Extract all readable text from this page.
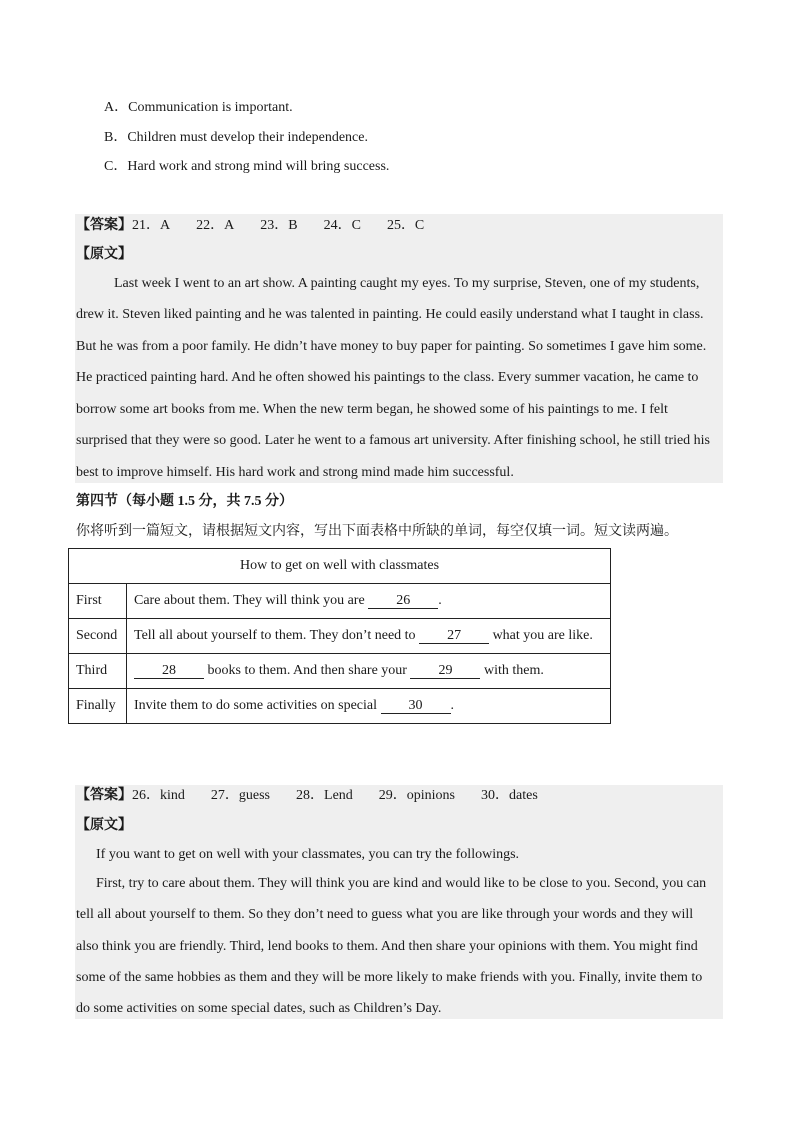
A．Communication is important.
B．Children must develop their independence.
C．Hard work and strong mind will bring success.
【答案】21．A 22．A 23．B 24．C 25．C
【原文】
Last week I went to an art show. A painting caught my eyes. To my surprise, Steven, one of my students,
drew it. Steven liked painting and he was talented in painting. He could easily understand what I taught in class.
But he was from a poor family. He didn’t have money to buy paper for painting. So sometimes I gave him some.
He practiced painting hard. And he often showed his paintings to the class. Every summer vacation, he came to
borrow some art books from me. When the new term began, he showed some of his paintings to me. I felt
surprised that they were so good. Later he went to a famous art university. After finishing school, he still tried his
best to improve himself. His hard work and strong mind made him successful.
第四节（每小题 1.5 分，共 7.5 分）
你将听到一篇短文，请根据短文内容，写出下面表格中所缺的单词，每空仅填一词。短文读两遍。
How to get on well with classmates	
First	Care about them. They will think you are 26 .
Second	Tell all about yourself to them. They don’t need to 27 what you are like.
Third	28 books to them. And then share your 29 with them.
Finally	Invite them to do some activities on special 30 .
【答案】26．kind 27．guess 28．Lend 29．opinions 30．dates
【原文】
If you want to get on well with your classmates, you can try the followings.
First, try to care about them. They will think you are kind and would like to be close to you. Second, you can
tell all about yourself to them. So they don’t need to guess what you are like through your words and they will
also think you are friendly. Third, lend books to them. And then share your opinions with them. You might find
some of the same hobbies as them and they will be more likely to make friends with you. Finally, invite them to
do some activities on some special dates, such as Children’s Day.
